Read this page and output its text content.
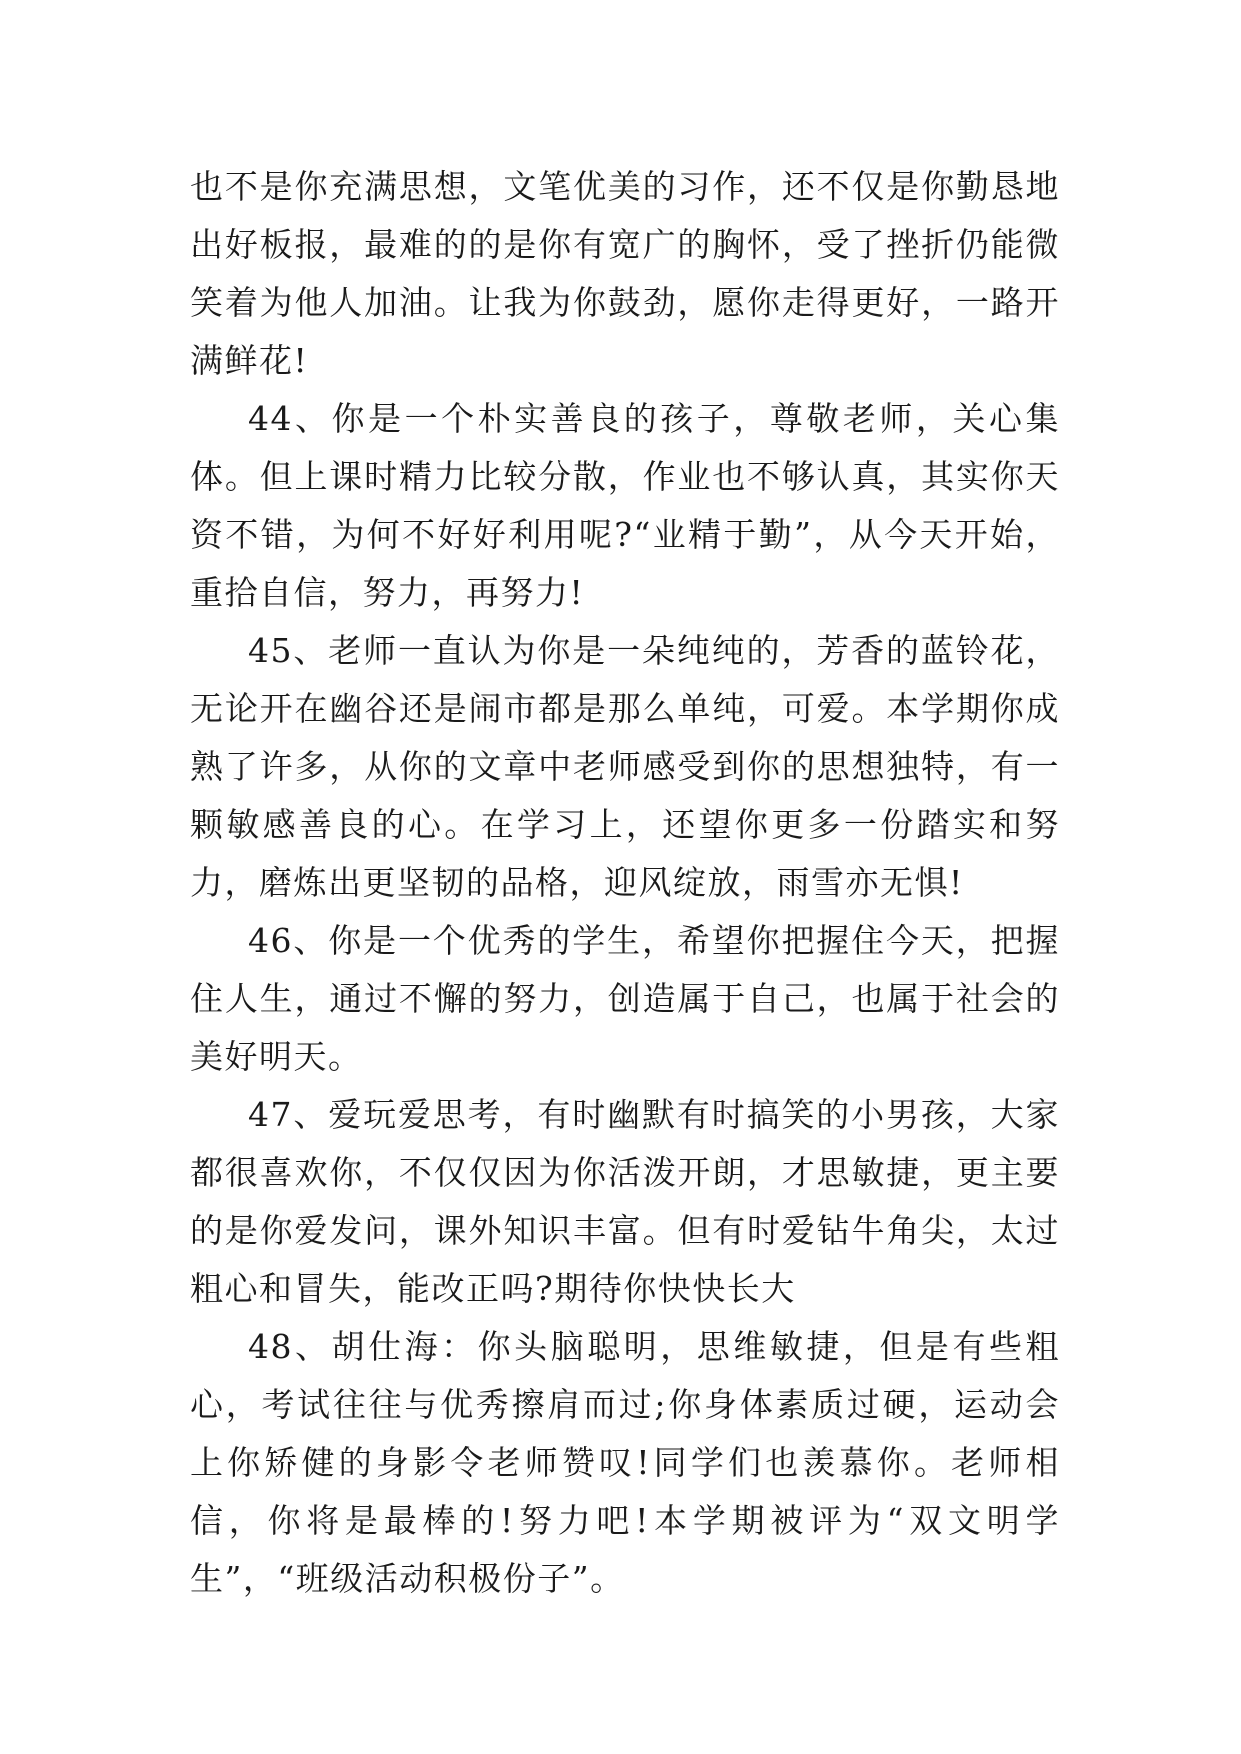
也不是你充满思想，文笔优美的习作，还不仅是你勤恳地出好板报，最难的的是你有宽广的胸怀，受了挫折仍能微笑着为他人加油。让我为你鼓劲，愿你走得更好，一路开满鲜花!

44、你是一个朴实善良的孩子，尊敬老师，关心集体。但上课时精力比较分散，作业也不够认真，其实你天资不错，为何不好好利用呢?“业精于勤”，从今天开始，重拾自信，努力，再努力!

45、老师一直认为你是一朵纯纯的，芳香的蓝铃花，无论开在幽谷还是闹市都是那么单纯，可爱。本学期你成熟了许多，从你的文章中老师感受到你的思想独特，有一颗敏感善良的心。在学习上，还望你更多一份踏实和努力，磨炼出更坚韧的品格，迎风绽放，雨雪亦无惧!

46、你是一个优秀的学生，希望你把握住今天，把握住人生，通过不懈的努力，创造属于自己，也属于社会的美好明天。

47、爱玩爱思考，有时幽默有时搞笑的小男孩，大家都很喜欢你，不仅仅因为你活泼开朗，才思敏捷，更主要的是你爱发问，课外知识丰富。但有时爱钻牛角尖，太过粗心和冒失，能改正吗?期待你快快长大

48、胡仕海：你头脑聪明，思维敏捷，但是有些粗心，考试往往与优秀擦肩而过;你身体素质过硬，运动会上你矫健的身影令老师赞叹!同学们也羡慕你。老师相信，你将是最棒的!努力吧!本学期被评为“双文明学生”，“班级活动积极份子”。
